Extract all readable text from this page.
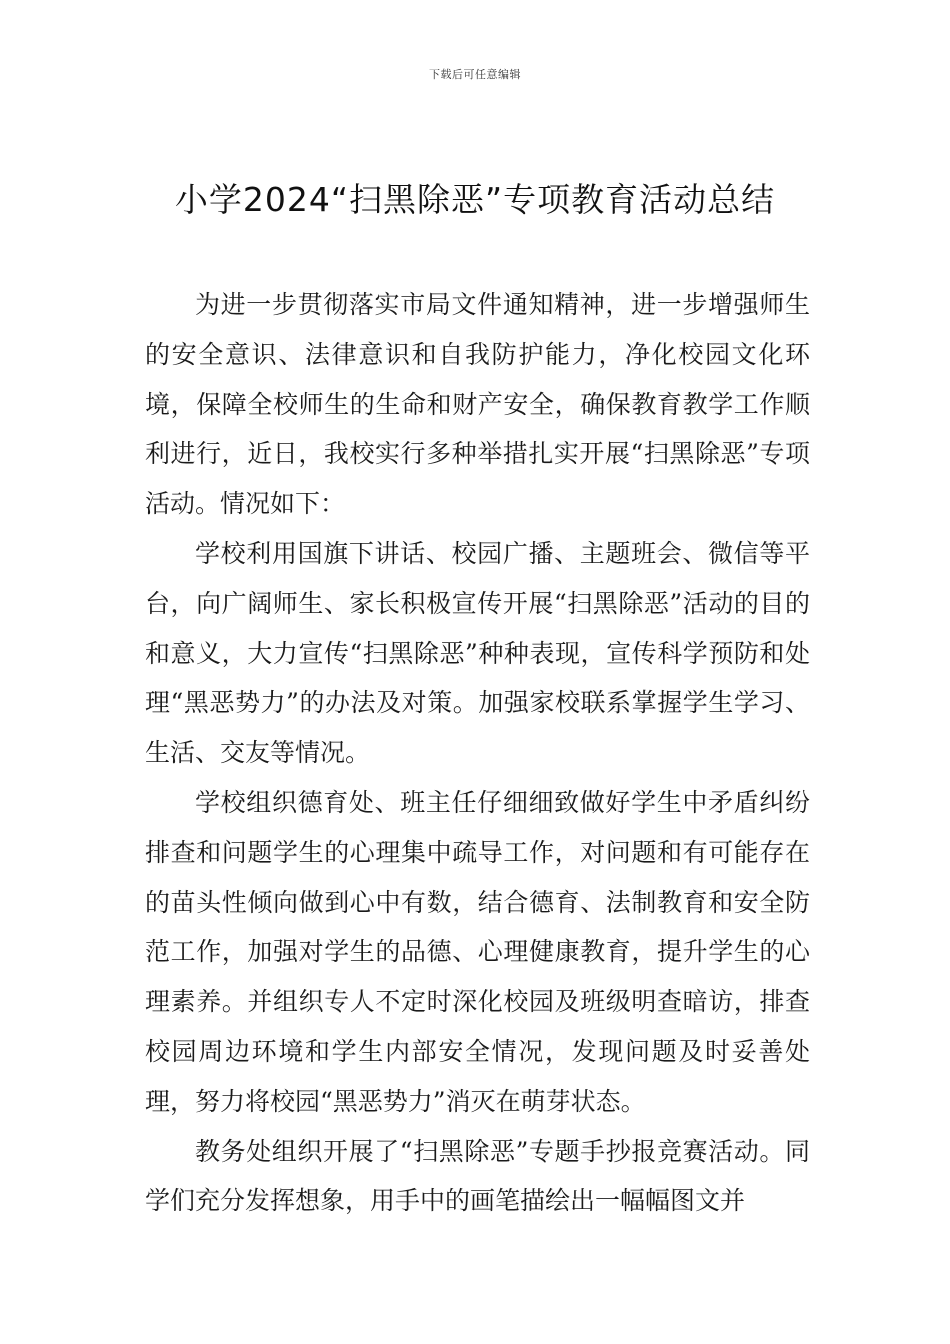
下载后可任意编辑
小学2024“扫黑除恶”专项教育活动总结

为进一步贯彻落实市局文件通知精神，进一步增强师生的安全意识、法律意识和自我防护能力，净化校园文化环境，保障全校师生的生命和财产安全，确保教育教学工作顺利进行，近日，我校实行多种举措扎实开展“扫黑除恶”专项活动。情况如下：

学校利用国旗下讲话、校园广播、主题班会、微信等平台，向广阔师生、家长积极宣传开展“扫黑除恶”活动的目的和意义，大力宣传“扫黑除恶”种种表现，宣传科学预防和处理“黑恶势力”的办法及对策。加强家校联系掌握学生学习、生活、交友等情况。

学校组织德育处、班主任仔细细致做好学生中矛盾纠纷排查和问题学生的心理集中疏导工作，对问题和有可能存在的苗头性倾向做到心中有数，结合德育、法制教育和安全防范工作，加强对学生的品德、心理健康教育，提升学生的心理素养。并组织专人不定时深化校园及班级明查暗访，排查校园周边环境和学生内部安全情况，发现问题及时妥善处理，努力将校园“黑恶势力”消灭在萌芽状态。

教务处组织开展了“扫黑除恶”专题手抄报竞赛活动。同学们充分发挥想象，用手中的画笔描绘出一幅幅图文并
